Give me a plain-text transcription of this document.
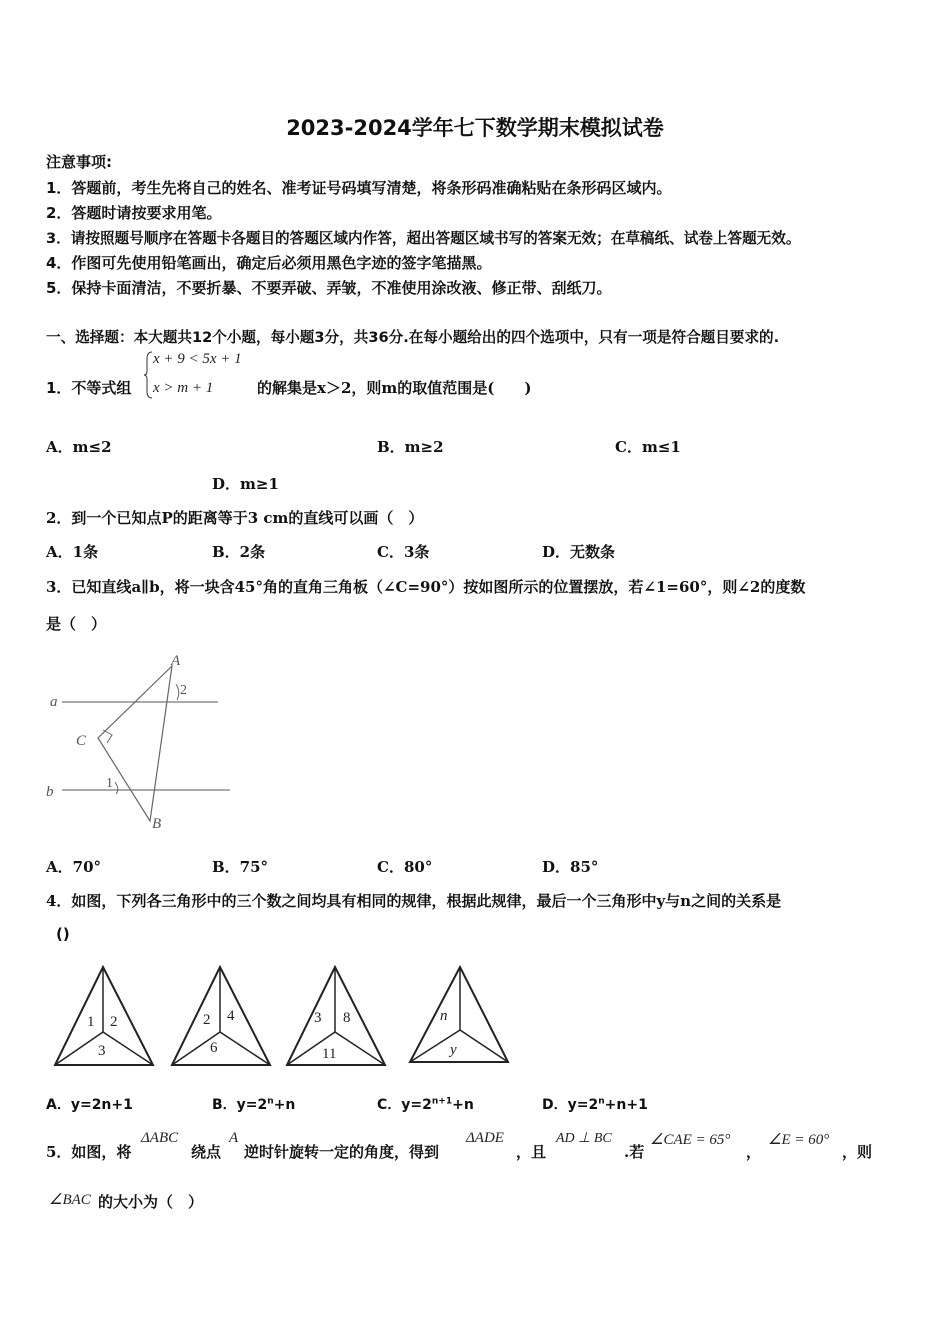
2023-2024学年七下数学期末模拟试卷
注意事项:
1．答题前，考生先将自己的姓名、准考证号码填写清楚，将条形码准确粘贴在条形码区域内。
2．答题时请按要求用笔。
3．请按照题号顺序在答题卡各题目的答题区域内作答，超出答题区域书写的答案无效；在草稿纸、试卷上答题无效。
4．作图可先使用铅笔画出，确定后必须用黑色字迹的签字笔描黑。
5．保持卡面清洁，不要折暴、不要弄破、弄皱，不准使用涂改液、修正带、刮纸刀。
一、选择题：本大题共12个小题，每小题3分，共36分.在每小题给出的四个选项中，只有一项是符合题目要求的.
1．不等式组
x + 9 < 5x + 1
x > m + 1	的解集是x＞2，则m的取值范围是(　　)
A．m≤2	B．m≥2	C．m≤1
D．m≥1
2．到一个已知点P的距离等于3 cm的直线可以画（　）
A．1条	B．2条	C．3条	D．无数条
3．已知直线a∥b，将一块含45°角的直角三角板（∠C=90°）按如图所示的位置摆放，若∠1=60°，则∠2的度数
是（　）
a
b
A
B
C
1
2
A．70°	B．75°	C．80°	D．85°
4．如图，下列各三角形中的三个数之间均具有相同的规律，根据此规律，最后一个三角形中y与n之间的关系是
()
1 2
3
2 4
6
3 8
11
n
y
A．y=2n+1	B．$y=2^n+n$	C．$y=2^{n+1}+n$	D．$y=2^n+n+1$
5．如图，将
ΔABC
绕点
A
逆时针旋转一定的角度，得到
ΔADE
，且
AD ⊥ BC
.若
∠CAE = 65°
，
∠E = 60°
，则
∠BAC 的大小为（　）
